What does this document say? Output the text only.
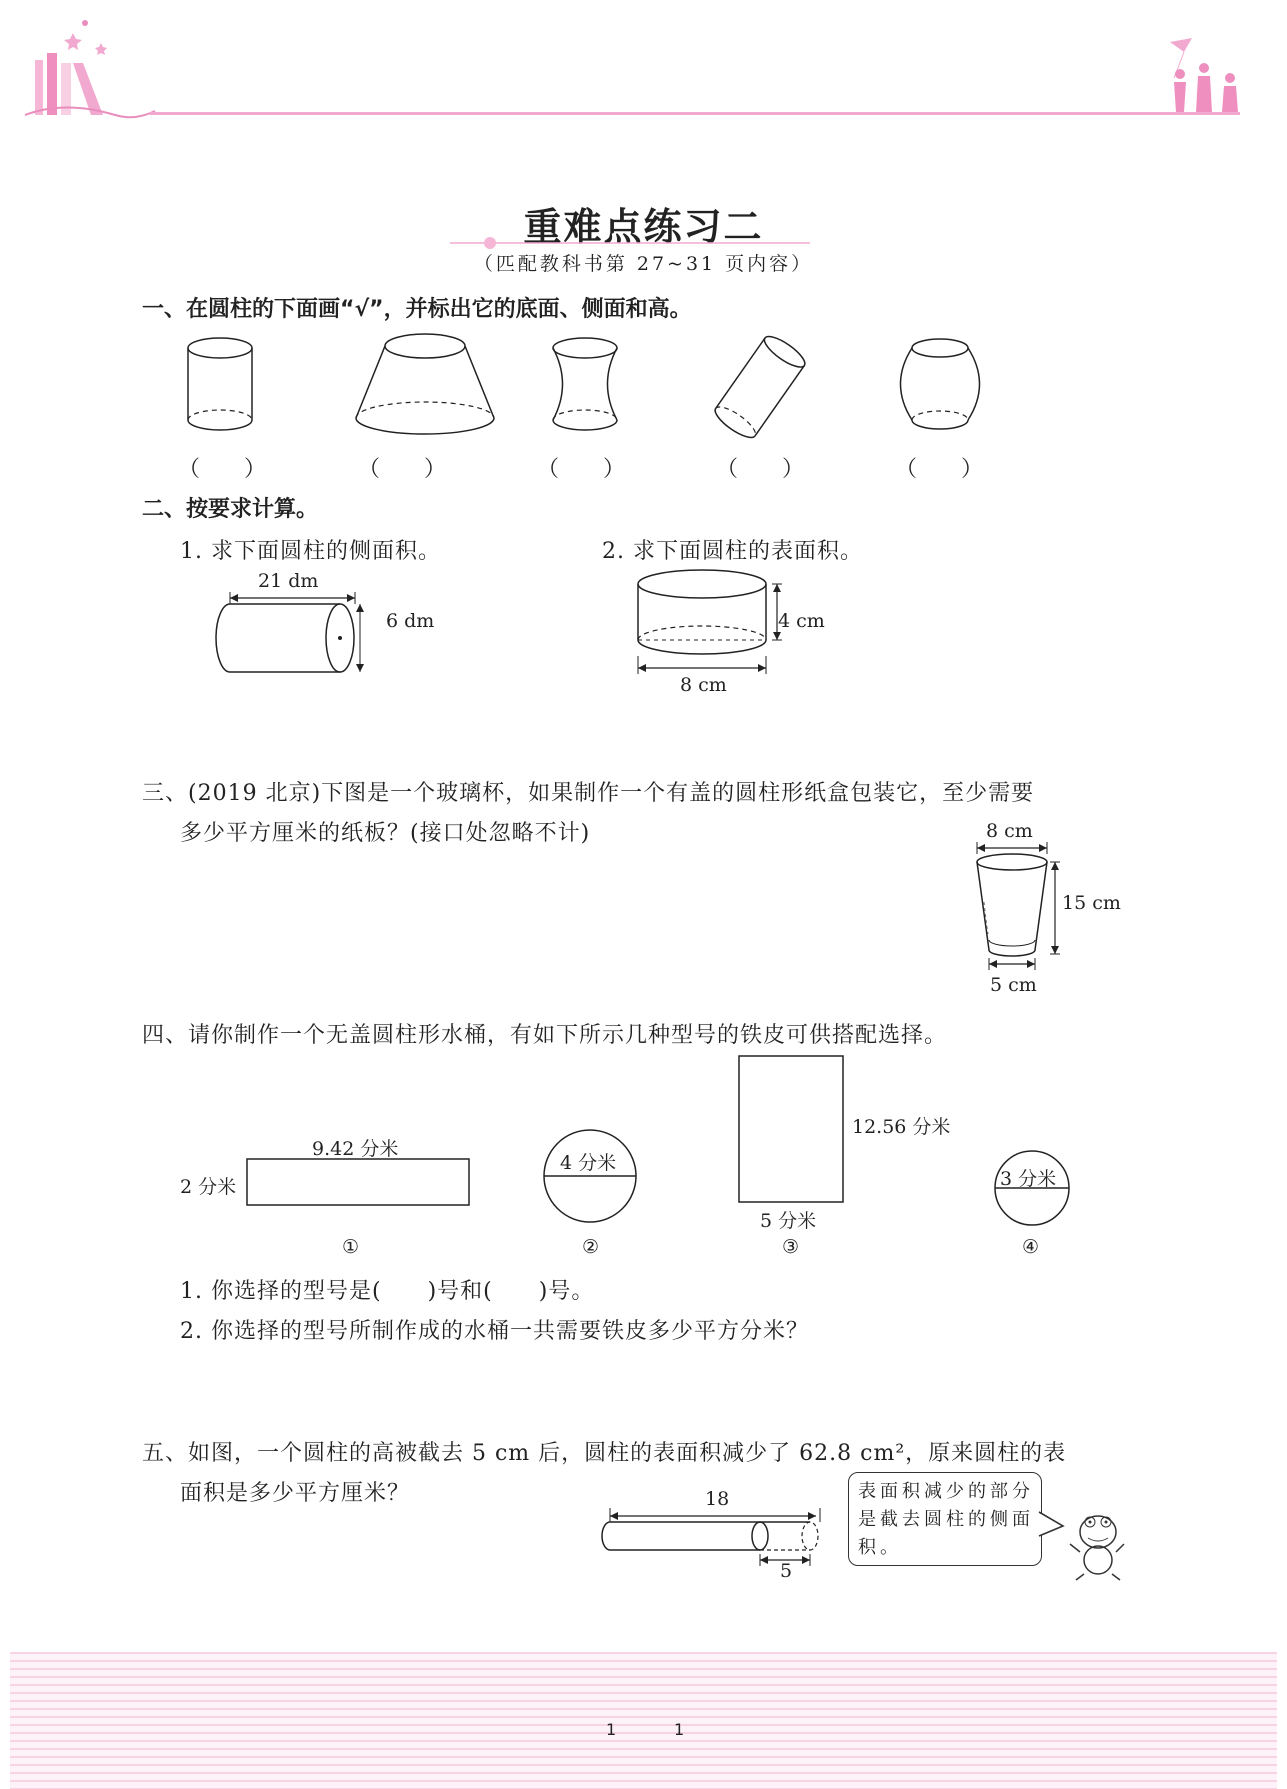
重难点练习二
（匹配教科书第 27~31 页内容）
一、在圆柱的下面画“√”，并标出它的底面、侧面和高。
（　　）	（　　）	（　　）	（　　）	（　　）
二、按要求计算。
1. 求下面圆柱的侧面积。	2. 求下面圆柱的表面积。
21 dm
6 dm	4 cm
8 cm
三、(2019 北京)下图是一个玻璃杯，如果制作一个有盖的圆柱形纸盒包装它，至少需要
多少平方厘米的纸板？(接口处忽略不计)	8 cm
15 cm
5 cm
四、请你制作一个无盖圆柱形水桶，有如下所示几种型号的铁皮可供搭配选择。
9.42 分米
2 分米
4 分米
12.56 分米
5 分米
3 分米
①	②	③	④
1. 你选择的型号是(　　)号和(　　)号。
2. 你选择的型号所制作成的水桶一共需要铁皮多少平方分米？
五、如图，一个圆柱的高被截去 5 cm 后，圆柱的表面积减少了 62.8 cm²，原来圆柱的表
面积是多少平方厘米？	18
5
表面积减少的部分是截去圆柱的侧面积。
1	1
